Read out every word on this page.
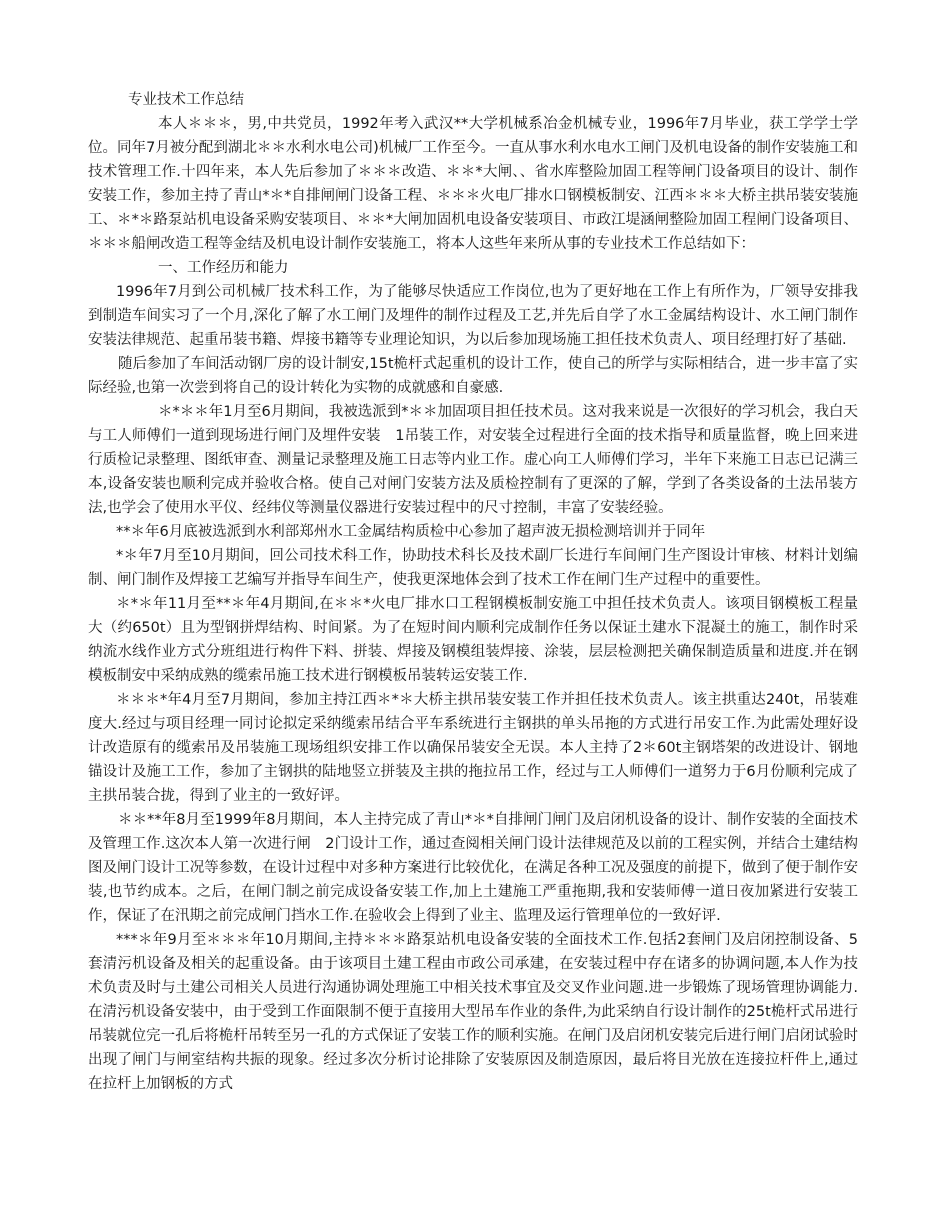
专业技术工作总结

本人＊＊＊，男,中共党员，1992年考入武汉**大学机械系冶金机械专业，1996年7月毕业，获工学学士学位。同年7月被分配到湖北＊＊水利水电公司)机械厂工作至今。一直从事水利水电水工闸门及机电设备的制作安装施工和技术管理工作.十四年来，本人先后参加了＊＊＊改造、＊＊*大闸、、省水库整险加固工程等闸门设备项目的设计、制作安装工作，参加主持了青山*＊*自排闸闸门设备工程、＊＊＊火电厂排水口钢模板制安、江西＊＊＊大桥主拱吊装安装施工、＊*＊路泵站机电设备采购安装项目、＊＊*大闸加固机电设备安装项目、市政江堤涵闸整险加固工程闸门设备项目、＊＊＊船闸改造工程等金结及机电设计制作安装施工，将本人这些年来所从事的专业技术工作总结如下：

一、工作经历和能力

1996年7月到公司机械厂技术科工作，为了能够尽快适应工作岗位,也为了更好地在工作上有所作为，厂领导安排我到制造车间实习了一个月,深化了解了水工闸门及埋件的制作过程及工艺,并先后自学了水工金属结构设计、水工闸门制作安装法律规范、起重吊装书籍、焊接书籍等专业理论知识，为以后参加现场施工担任技术负责人、项目经理打好了基础.

随后参加了车间活动钢厂房的设计制安,15t桅杆式起重机的设计工作，使自己的所学与实际相结合，进一步丰富了实际经验,也第一次尝到将自己的设计转化为实物的成就感和自豪感.

＊*＊＊年1月至6月期间，我被选派到*＊＊加固项目担任技术员。这对我来说是一次很好的学习机会，我白天与工人师傅们一道到现场进行闸门及埋件安装　1吊装工作，对安装全过程进行全面的技术指导和质量监督，晚上回来进行质检记录整理、图纸审查、测量记录整理及施工日志等内业工作。虚心向工人师傅们学习，半年下来施工日志已记满三本,设备安装也顺利完成并验收合格。使自己对闸门安装方法及质检控制有了更深的了解，学到了各类设备的土法吊装方法,也学会了使用水平仪、经纬仪等测量仪器进行安装过程中的尺寸控制，丰富了安装经验。

**＊年6月底被选派到水利部郑州水工金属结构质检中心参加了超声波无损检测培训并于同年

*＊年7月至10月期间，回公司技术科工作，协助技术科长及技术副厂长进行车间闸门生产图设计审核、材料计划编制、闸门制作及焊接工艺编写并指导车间生产，使我更深地体会到了技术工作在闸门生产过程中的重要性。

＊*＊年11月至**＊年4月期间,在＊＊*火电厂排水口工程钢模板制安施工中担任技术负责人。该项目钢模板工程量大（约650t）且为型钢拼焊结构、时间紧。为了在短时间内顺利完成制作任务以保证土建水下混凝土的施工，制作时采纳流水线作业方式分班组进行构件下料、拼装、焊接及钢模组装焊接、涂装，层层检测把关确保制造质量和进度.并在钢模板制安中采纳成熟的缆索吊施工技术进行钢模板吊装转运安装工作.

＊＊＊*年4月至7月期间，参加主持江西＊*＊大桥主拱吊装安装工作并担任技术负责人。该主拱重达240t，吊装难度大.经过与项目经理一同讨论拟定采纳缆索吊结合平车系统进行主钢拱的单头吊拖的方式进行吊安工作.为此需处理好设计改造原有的缆索吊及吊装施工现场组织安排工作以确保吊装安全无误。本人主持了2＊60t主钢塔架的改进设计、钢地锚设计及施工工作，参加了主钢拱的陆地竖立拼装及主拱的拖拉吊工作，经过与工人师傅们一道努力于6月份顺利完成了主拱吊装合拢，得到了业主的一致好评。

＊＊**年8月至1999年8月期间，本人主持完成了青山*＊*自排闸门闸门及启闭机设备的设计、制作安装的全面技术及管理工作.这次本人第一次进行闸　2门设计工作，通过查阅相关闸门设计法律规范及以前的工程实例，并结合土建结构图及闸门设计工况等参数，在设计过程中对多种方案进行比较优化，在满足各种工况及强度的前提下，做到了便于制作安装,也节约成本。之后，在闸门制之前完成设备安装工作,加上土建施工严重拖期,我和安装师傅一道日夜加紧进行安装工作，保证了在汛期之前完成闸门挡水工作.在验收会上得到了业主、监理及运行管理单位的一致好评.

***＊年9月至＊＊＊年10月期间,主持＊＊＊路泵站机电设备安装的全面技术工作.包括2套闸门及启闭控制设备、5套清污机设备及相关的起重设备。由于该项目土建工程由市政公司承建，在安装过程中存在诸多的协调问题,本人作为技术负责及时与土建公司相关人员进行沟通协调处理施工中相关技术事宜及交叉作业问题.进一步锻炼了现场管理协调能力.在清污机设备安装中，由于受到工作面限制不便于直接用大型吊车作业的条件,为此采纳自行设计制作的25t桅杆式吊进行吊装就位完一孔后将桅杆吊转至另一孔的方式保证了安装工作的顺利实施。在闸门及启闭机安装完后进行闸门启闭试验时出现了闸门与闸室结构共振的现象。经过多次分析讨论排除了安装原因及制造原因，最后将目光放在连接拉杆件上,通过在拉杆上加钢板的方式
